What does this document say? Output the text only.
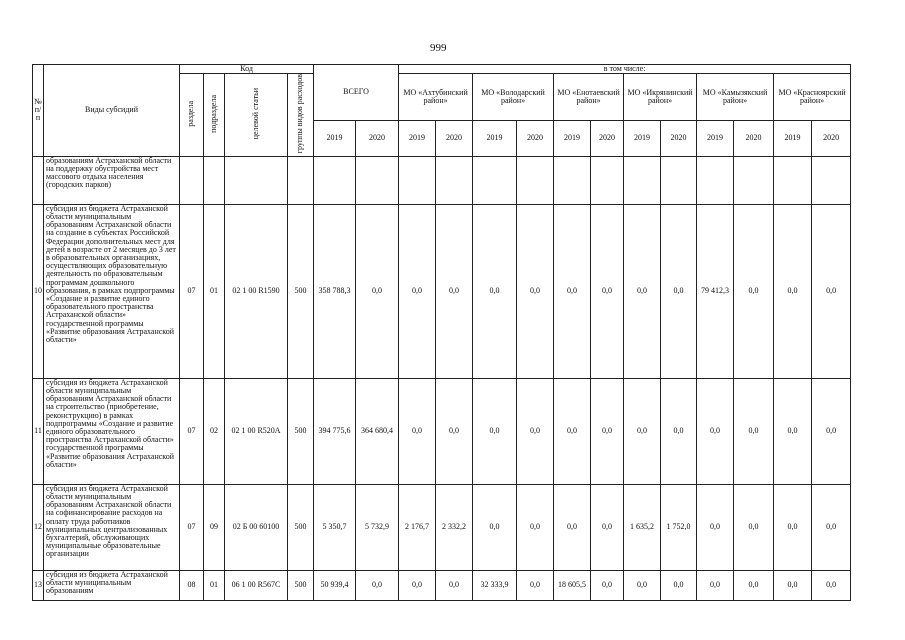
999
№ п/п	Виды субсидий	Код				ВСЕГО		в том числе:											
		раздела	подраздела	целевой статьи	группы видов расходов			МО «Ахтубинский район»		МО «Володарский район»		МО «Енотаевский район»		МО «Икрянинский район»		МО «Камызякский район»		МО «Красноярский район»	
						2019	2020	2019	2020	2019	2020	2019	2020	2019	2020	2019	2020	2019	2020
	образованиям Астраханской области на поддержку обустройства мест массового отдыха населения (городских парков)																		
10	субсидия из бюджета Астраханской области муниципальным образованиям Астраханской области на создание в субъектах Российской Федерации дополнительных мест для детей в возрасте от 2 месяцев до 3 лет в образовательных организациях, осуществляющих образовательную деятельность по образовательным программам дошкольного образования, в рамках подпрограммы «Создание и развитие единого образовательного пространства Астраханской области» государственной программы «Развитие образования Астраханской области»	07	01	02 1 00 R1590	500	358 788,3	0,0	0,0	0,0	0,0	0,0	0,0	0,0	0,0	0,0	79 412,3	0,0	0,0	0,0
11	субсидия из бюджета Астраханской области муниципальным образованиям Астраханской области на строительство (приобретение, реконструкцию) в рамках подпрограммы «Создание и развитие единого образовательного пространства Астраханской области» государственной программы «Развитие образования Астраханской области»	07	02	02 1 00 R520A	500	394 775,6	364 680,4	0,0	0,0	0,0	0,0	0,0	0,0	0,0	0,0	0,0	0,0	0,0	0,0
12	субсидия из бюджета Астраханской области муниципальным образованиям Астраханской области на софинансирование расходов на оплату труда работников муниципальных централизованных бухгалтерий, обслуживающих муниципальные образовательные организации	07	09	02 Б 00 60100	500	5 350,7	5 732,9	2 176,7	2 332,2	0,0	0,0	0,0	0,0	1 635,2	1 752,0	0,0	0,0	0,0	0,0
13	субсидия из бюджета Астраханской области муниципальным образованиям	08	01	06 1 00 R567C	500	50 939,4	0,0	0,0	0,0	32 333,9	0,0	18 605,5	0,0	0,0	0,0	0,0	0,0	0,0	0,0
